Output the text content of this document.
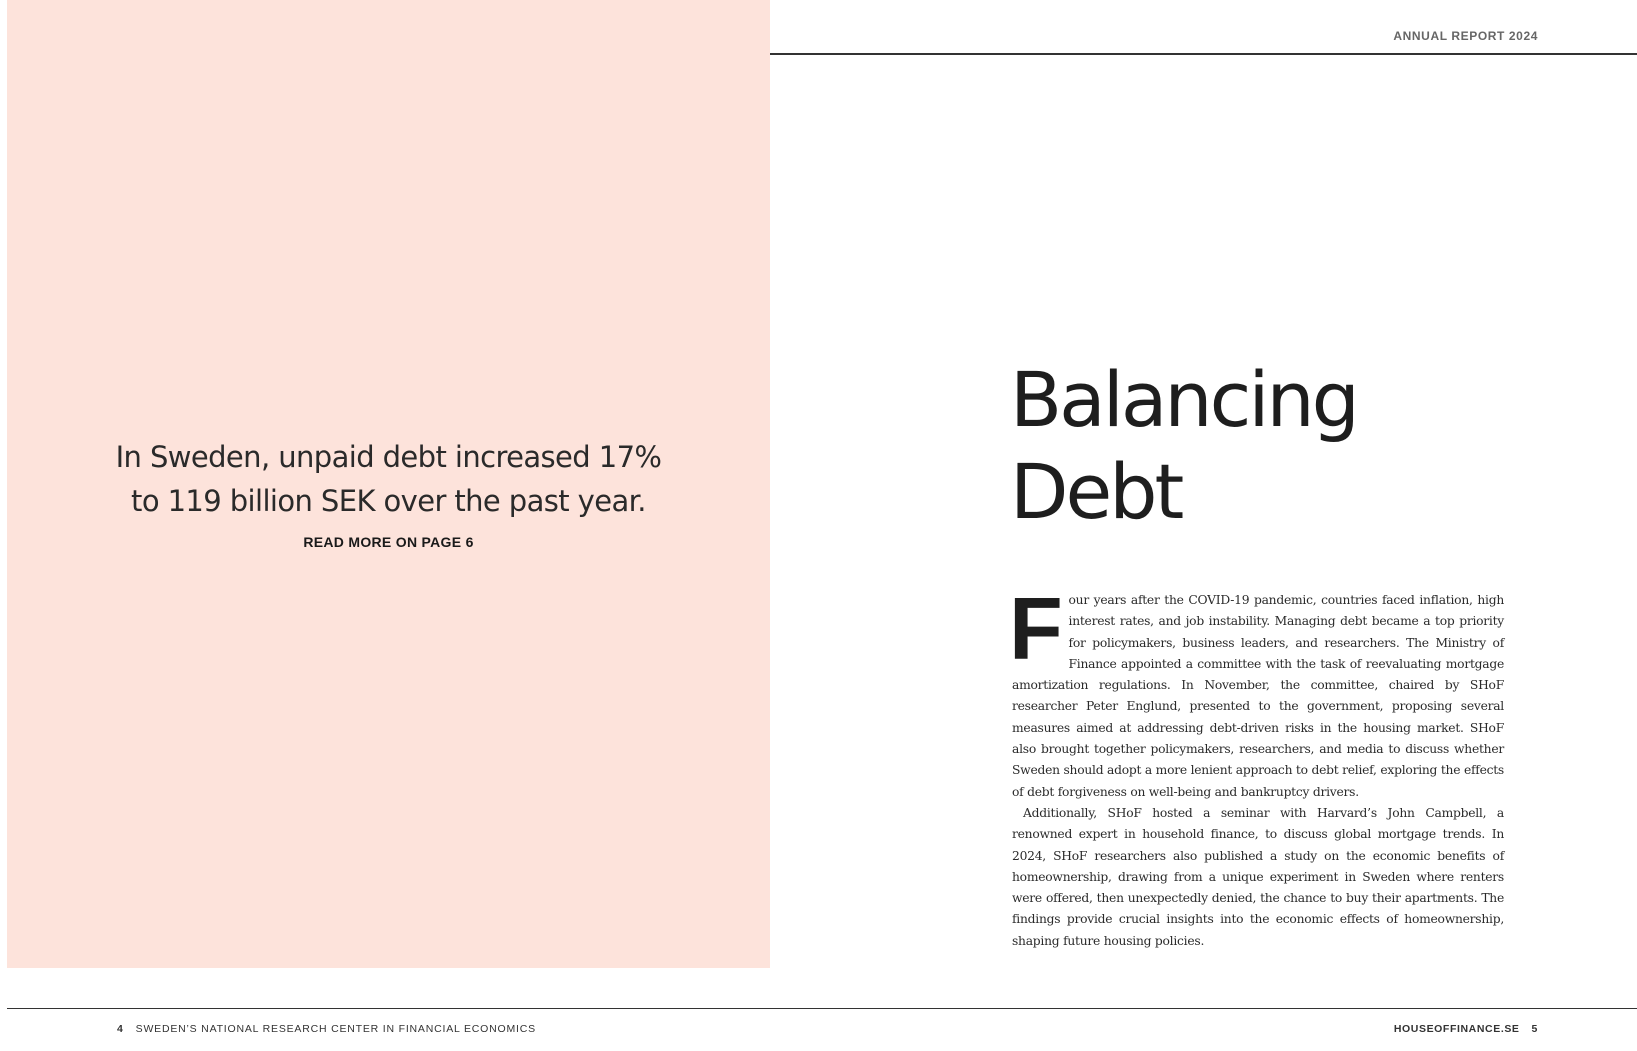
In Sweden, unpaid debt increased 17%
to 119 billion SEK over the past year.
READ MORE ON PAGE 6
ANNUAL REPORT 2024
Balancing
Debt

Four years after the COVID-19 pandemic, countries faced inflation, high interest rates, and job instability. Managing debt became a top priority for policymakers, business leaders, and researchers. The Ministry of Finance appointed a committee with the task of reevaluating mortgage amortization regulations. In November, the committee, chaired by SHoF researcher Peter Englund, presented to the government, proposing several measures aimed at addressing debt-driven risks in the housing market. SHoF also brought together policymakers, researchers, and media to discuss whether Sweden should adopt a more lenient approach to debt relief, exploring the effects of debt forgiveness on well-being and bankruptcy drivers.

Additionally, SHoF hosted a seminar with Harvard’s John Campbell, a renowned expert in household finance, to discuss global mortgage trends. In 2024, SHoF researchers also published a study on the economic benefits of homeownership, drawing from a unique experiment in Sweden where renters were offered, then unexpectedly denied, the chance to buy their apartments. The findings provide crucial insights into the economic effects of homeownership, shaping future housing policies.

4 SWEDEN’S NATIONAL RESEARCH CENTER IN FINANCIAL ECONOMICS	HOUSEOFFINANCE.SE 5
